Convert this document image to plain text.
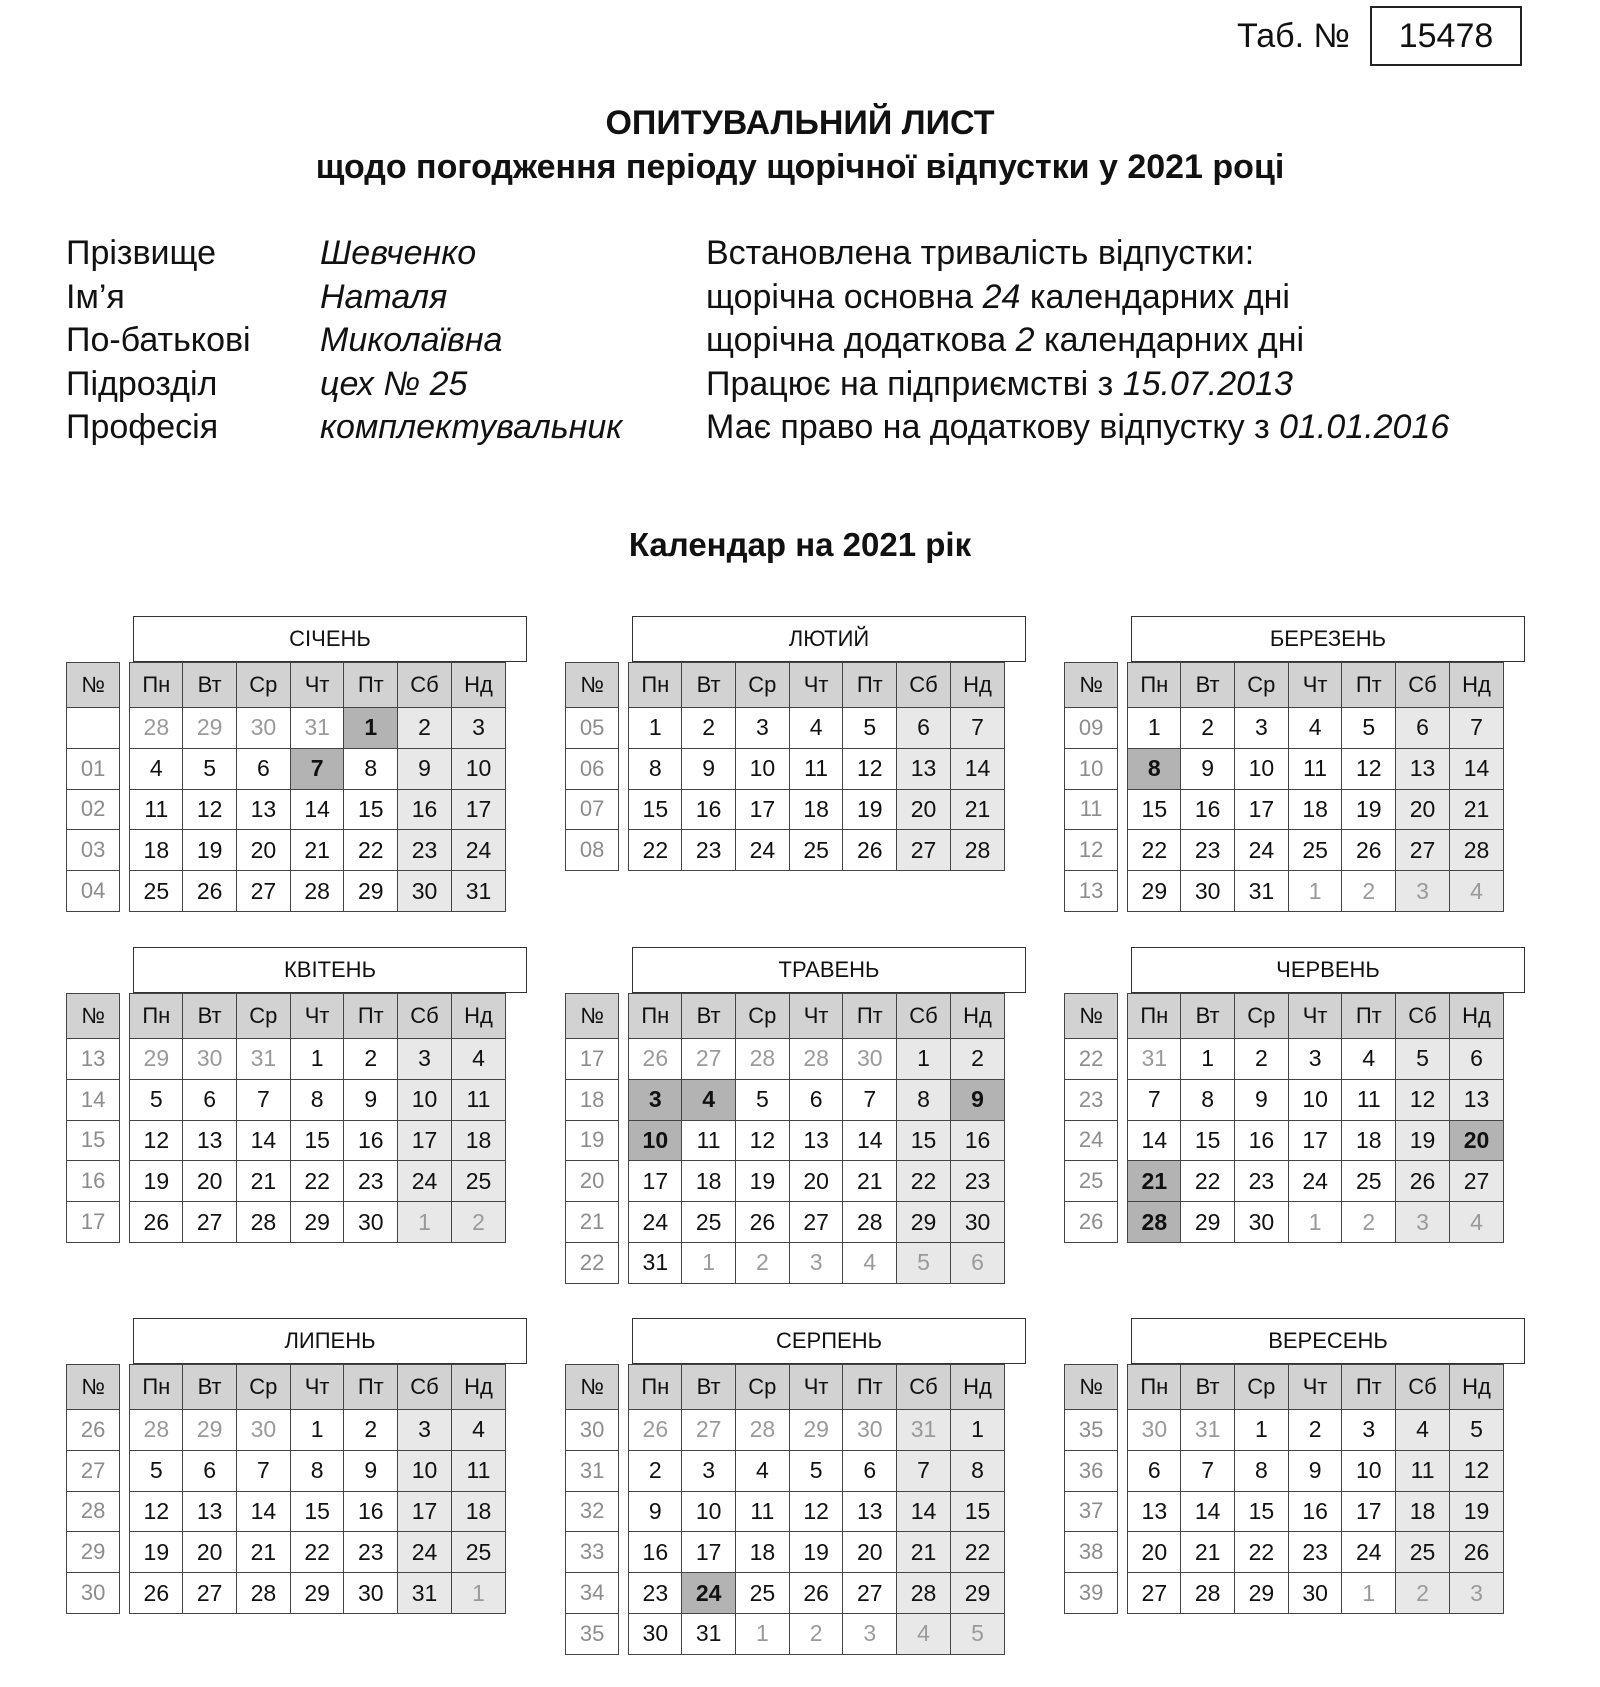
Таб. №	15478
ОПИТУВАЛЬНИЙ ЛИСТ
щодо погодження періоду щорічної відпустки у 2021 році
Прізвище	Шевченко
Ім’я	Наталя
По-батькові	Миколаївна
Підрозділ	цех № 25
Професія	комплектувальник
Встановлена тривалість відпустки:
щорічна основна 24 календарних дні
щорічна додаткова 2 календарних дні
Працює на підприємстві з 15.07.2013
Має право на додаткову відпустку з 01.01.2016
Календар на 2021 рік
СІЧЕНЬ
№		Пн	Вт	Ср	Чт	Пт	Сб	Нд
		28	29	30	31	1	2	3
01		4	5	6	7	8	9	10
02		11	12	13	14	15	16	17
03		18	19	20	21	22	23	24
04		25	26	27	28	29	30	31
ЛЮТИЙ
№		Пн	Вт	Ср	Чт	Пт	Сб	Нд
05		1	2	3	4	5	6	7
06		8	9	10	11	12	13	14
07		15	16	17	18	19	20	21
08		22	23	24	25	26	27	28
БЕРЕЗЕНЬ
№		Пн	Вт	Ср	Чт	Пт	Сб	Нд
09		1	2	3	4	5	6	7
10		8	9	10	11	12	13	14
11		15	16	17	18	19	20	21
12		22	23	24	25	26	27	28
13		29	30	31	1	2	3	4
КВІТЕНЬ
№		Пн	Вт	Ср	Чт	Пт	Сб	Нд
13		29	30	31	1	2	3	4
14		5	6	7	8	9	10	11
15		12	13	14	15	16	17	18
16		19	20	21	22	23	24	25
17		26	27	28	29	30	1	2
ТРАВЕНЬ
№		Пн	Вт	Ср	Чт	Пт	Сб	Нд
17		26	27	28	28	30	1	2
18		3	4	5	6	7	8	9
19		10	11	12	13	14	15	16
20		17	18	19	20	21	22	23
21		24	25	26	27	28	29	30
22		31	1	2	3	4	5	6
ЧЕРВЕНЬ
№		Пн	Вт	Ср	Чт	Пт	Сб	Нд
22		31	1	2	3	4	5	6
23		7	8	9	10	11	12	13
24		14	15	16	17	18	19	20
25		21	22	23	24	25	26	27
26		28	29	30	1	2	3	4
ЛИПЕНЬ
№		Пн	Вт	Ср	Чт	Пт	Сб	Нд
26		28	29	30	1	2	3	4
27		5	6	7	8	9	10	11
28		12	13	14	15	16	17	18
29		19	20	21	22	23	24	25
30		26	27	28	29	30	31	1
СЕРПЕНЬ
№		Пн	Вт	Ср	Чт	Пт	Сб	Нд
30		26	27	28	29	30	31	1
31		2	3	4	5	6	7	8
32		9	10	11	12	13	14	15
33		16	17	18	19	20	21	22
34		23	24	25	26	27	28	29
35		30	31	1	2	3	4	5
ВЕРЕСЕНЬ
№		Пн	Вт	Ср	Чт	Пт	Сб	Нд
35		30	31	1	2	3	4	5
36		6	7	8	9	10	11	12
37		13	14	15	16	17	18	19
38		20	21	22	23	24	25	26
39		27	28	29	30	1	2	3
